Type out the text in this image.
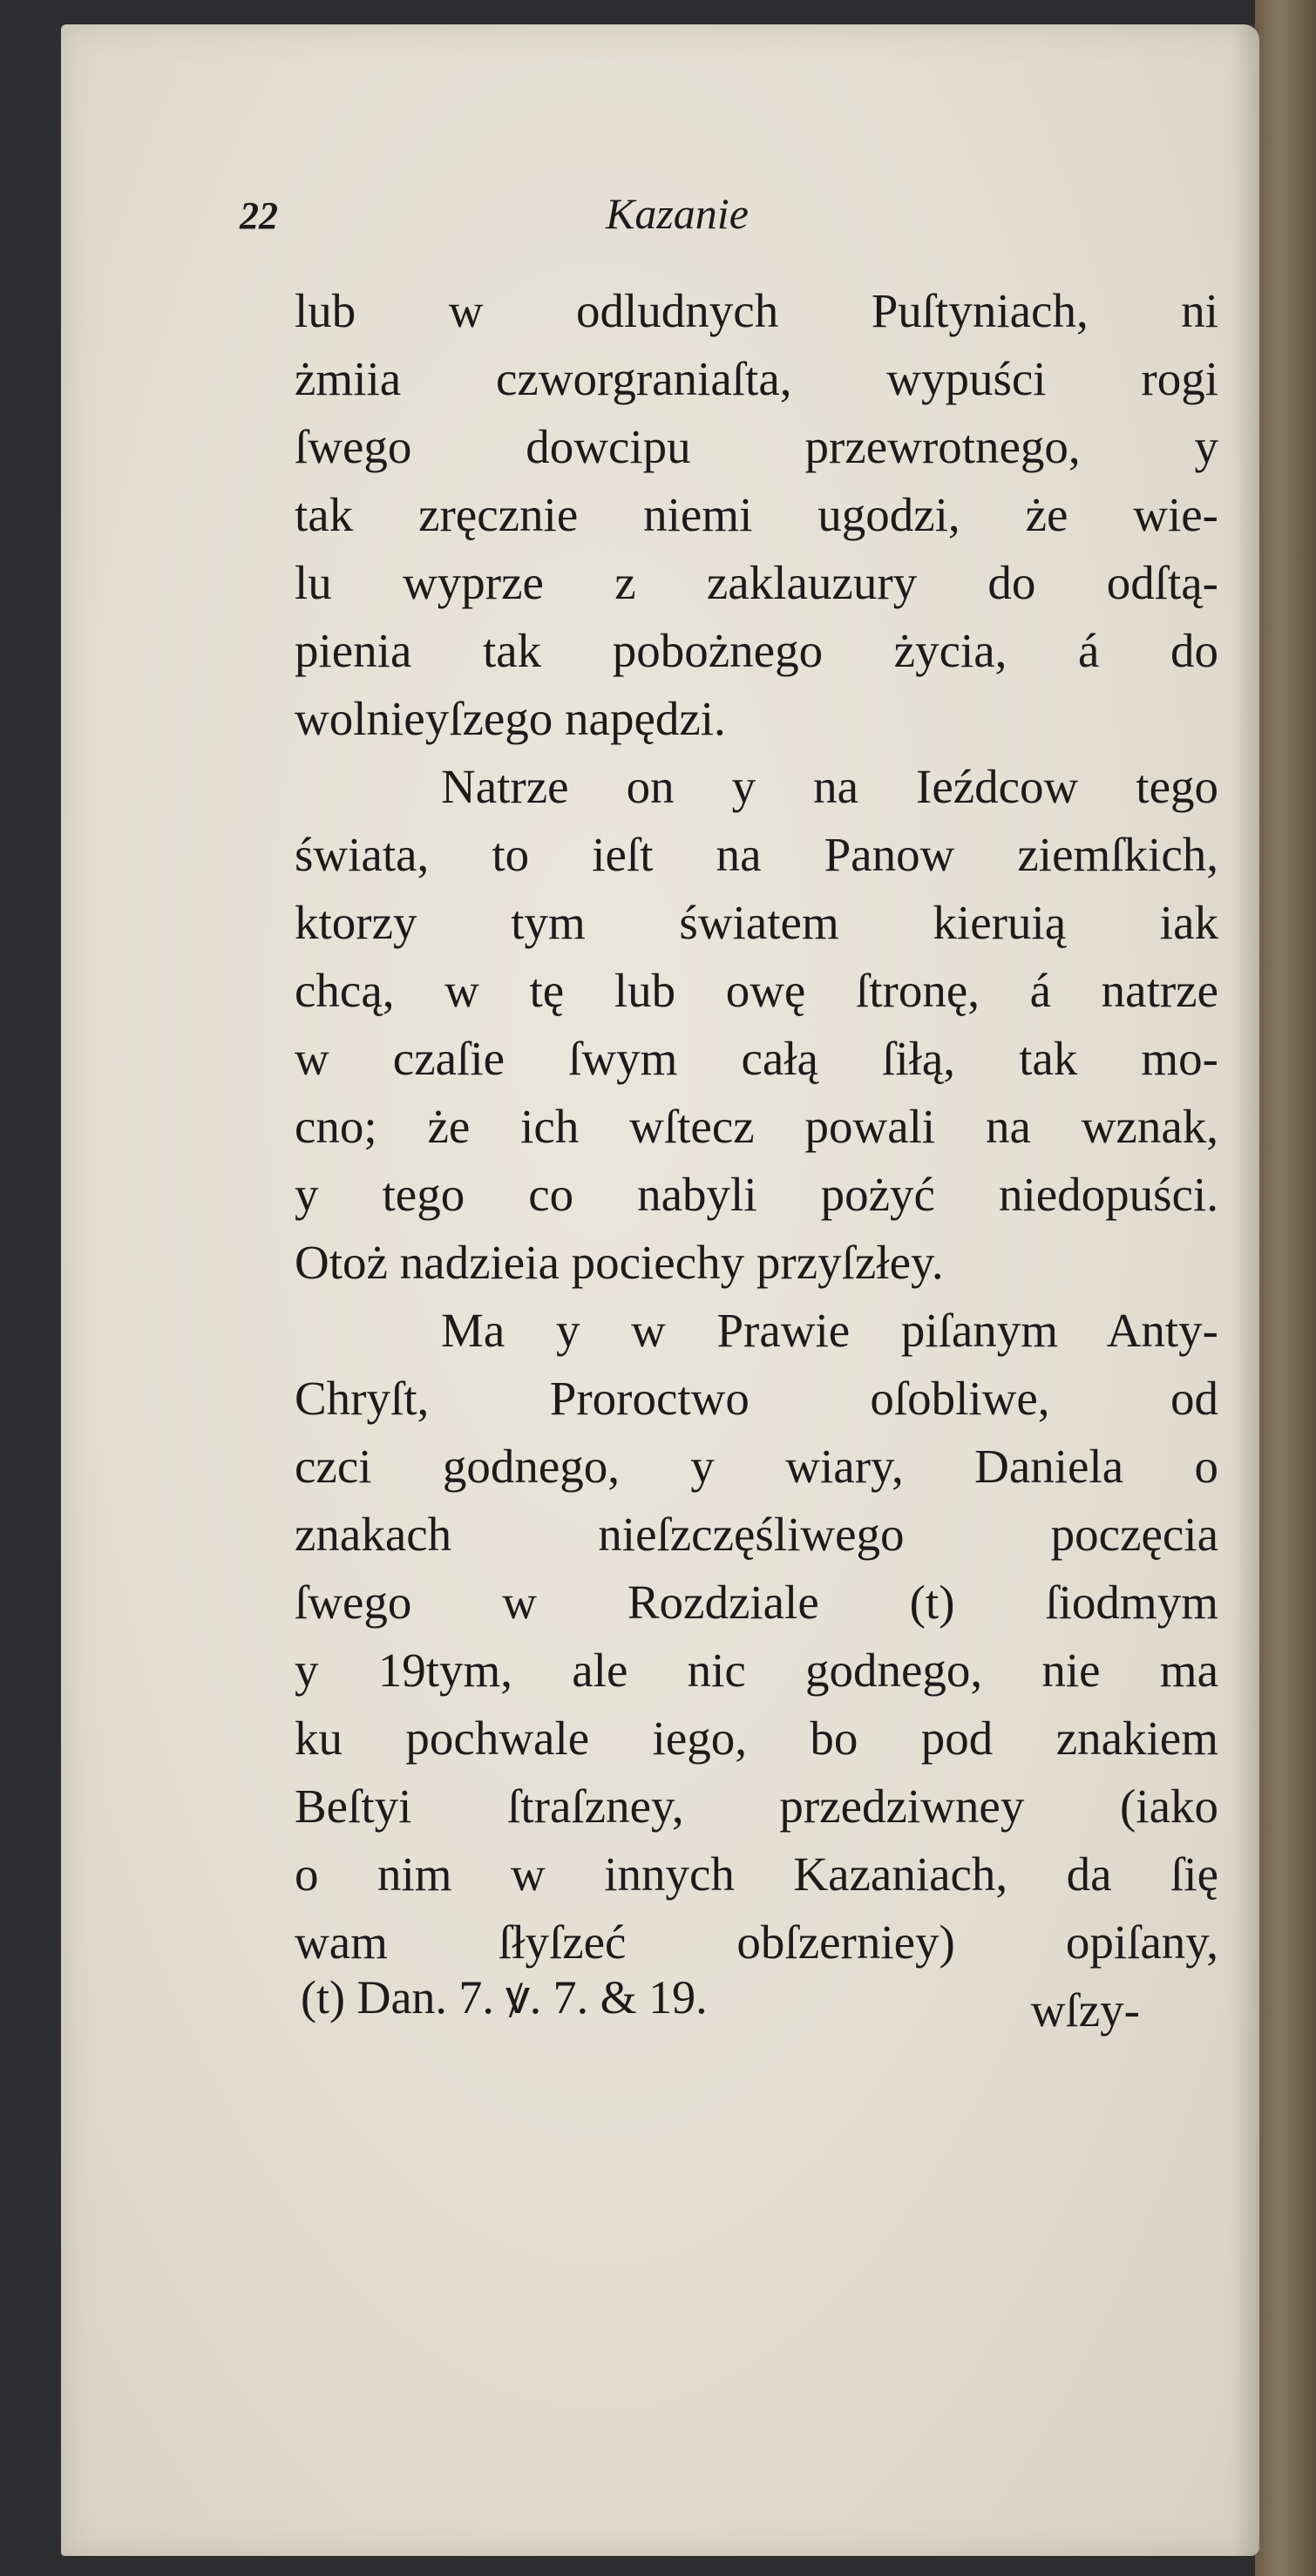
22	Kazanie
lub w odludnych Puſtyniach, ni
żmiia czworgraniaſta, wypuści rogi
ſwego dowcipu przewrotnego, y
tak zręcznie niemi ugodzi, że wie-
lu wyprze z zaklauzury do odſtą-
pienia tak pobożnego życia, á do
wolnieyſzego napędzi.
Natrze on y na Ieźdcow tego
świata, to ieſt na Panow ziemſkich,
ktorzy tym światem kieruią iak
chcą, w tę lub owę ſtronę, á natrze
w czaſie ſwym całą ſiłą, tak mo-
cno; że ich wſtecz powali na wznak,
y tego co nabyli pożyć niedopuści.
Otoż nadzieia pociechy przyſzłey.
Ma y w Prawie piſanym Anty-
Chryſt, Proroctwo oſobliwe, od
czci godnego, y wiary, Daniela o
znakach nieſzczęśliwego poczęcia
ſwego w Rozdziale (t) ſiodmym
y 19tym, ale nic godnego, nie ma
ku pochwale iego, bo pod znakiem
Beſtyi ſtraſzney, przedziwney (iako
o nim w innych Kazaniach, da ſię
wam ſłyſzeć obſzerniey) opiſany,
wſzy-
(t) Dan. 7. ꝟ. 7. & 19.
